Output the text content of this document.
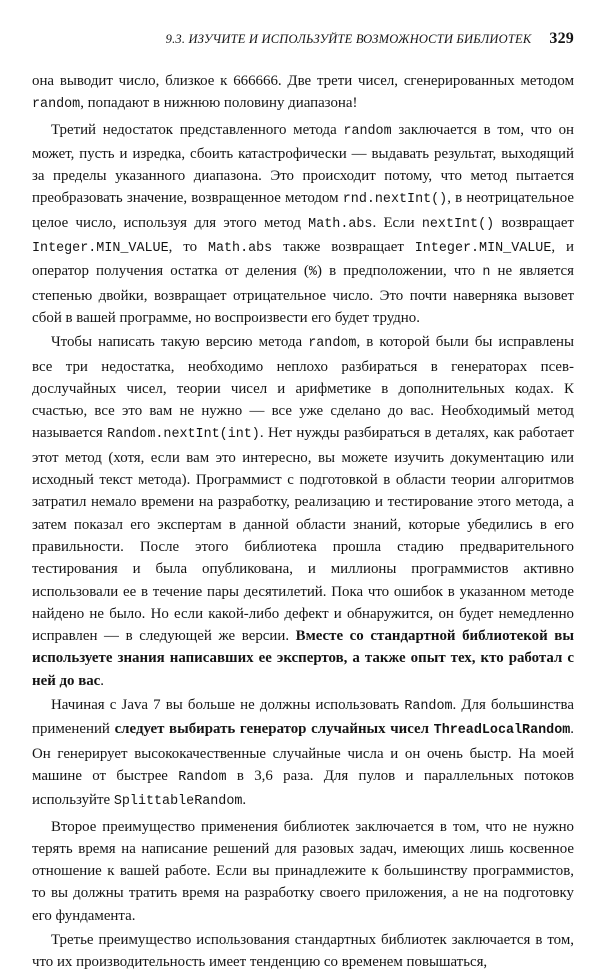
9.3. ИЗУЧИТЕ И ИСПОЛЬЗУЙТЕ ВОЗМОЖНОСТИ БИБЛИОТЕК 329

она выводит число, близкое к 666666. Две трети чисел, сгенерированных методом random, попадают в нижнюю половину диапазона!

Третий недостаток представленного метода random заключается в том, что он может, пусть и изредка, сбоить катастрофически — выдавать результат, выходящий за пределы указанного диапазона. Это происходит потому, что метод пытается преобразовать значение, возвращенное методом rnd.nextInt(), в неотрицательное целое число, используя для этого метод Math.abs. Если nextInt() возвращает Integer.MIN_VALUE, то Math.abs также возвращает Integer.MIN_VALUE, и оператор получения остатка от деления (%) в предположении, что n не является степенью двойки, возвращает отрицательное число. Это почти наверняка вызовет сбой в вашей программе, но воспроизвести его будет трудно.

Чтобы написать такую версию метода random, в которой были бы исправлены все три недостатка, необходимо неплохо разбираться в генераторах псевдослучайных чисел, теории чисел и арифметике в дополнительных кодах. К счастью, все это вам не нужно — все уже сделано до вас. Необходимый метод называется Random.nextInt(int). Нет нужды разбираться в деталях, как работает этот метод (хотя, если вам это интересно, вы можете изучить документацию или исходный текст метода). Программист с подготовкой в области теории алгоритмов затратил немало времени на разработку, реализацию и тестирование этого метода, а затем показал его экспертам в данной области знаний, которые убедились в его правильности. После этого библиотека прошла стадию предварительного тестирования и была опубликована, и миллионы программистов активно использовали ее в течение пары десятилетий. Пока что ошибок в указанном методе найдено не было. Но если какой-либо дефект и обнаружится, он будет немедленно исправлен — в следующей же версии. Вместе со стандартной библиотекой вы используете знания написавших ее экспертов, а также опыт тех, кто работал с ней до вас.

Начиная с Java 7 вы больше не должны использовать Random. Для большинства применений следует выбирать генератор случайных чисел ThreadLocalRandom. Он генерирует высококачественные случайные числа и он очень быстр. На моей машине от быстрее Random в 3,6 раза. Для пулов и параллельных потоков используйте SplittableRandom.

Второе преимущество применения библиотек заключается в том, что не нужно терять время на написание решений для разовых задач, имеющих лишь косвенное отношение к вашей работе. Если вы принадлежите к большинству программистов, то вы должны тратить время на разработку своего приложения, а не на подготовку его фундамента.

Третье преимущество использования стандартных библиотек заключается в том, что их производительность имеет тенденцию со временем повышаться,
